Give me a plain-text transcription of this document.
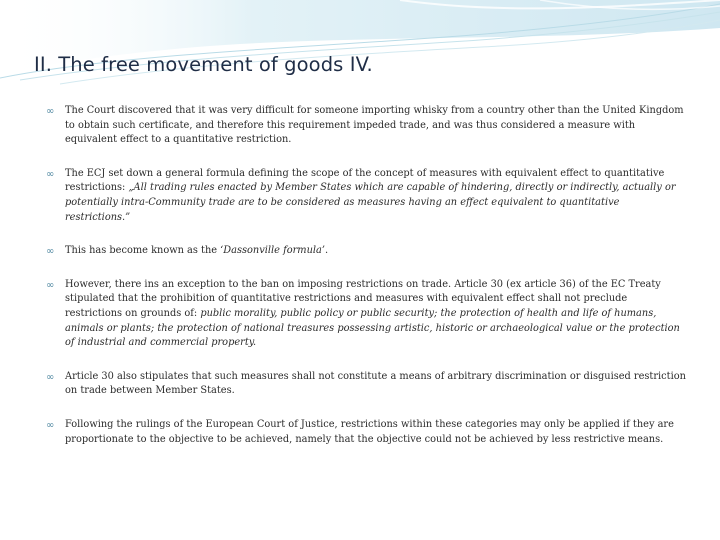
II. The free movement of goods IV.
∞ The Court discovered that it was very difficult for someone importing whisky from a country other than the United Kingdom to obtain such certificate, and therefore this requirement impeded trade, and was thus considered a measure with equivalent effect to a quantitative restriction.
∞ The ECJ set down a general formula defining the scope of the concept of measures with equivalent effect to quantitative restrictions: „All trading rules enacted by Member States which are capable of hindering, directly or indirectly, actually or potentially intra-Community trade are to be considered as measures having an effect equivalent to quantitative restrictions.”
∞ This has become known as the ‘Dassonville formula’.
∞ However, there ins an exception to the ban on imposing restrictions on trade. Article 30 (ex article 36) of the EC Treaty stipulated that the prohibition of quantitative restrictions and measures with equivalent effect shall not preclude restrictions on grounds of: public morality, public policy or public security; the protection of health and life of humans, animals or plants; the protection of national treasures possessing artistic, historic or archaeological value or the protection of industrial and commercial property.
∞ Article 30 also stipulates that such measures shall not constitute a means of arbitrary discrimination or disguised restriction on trade between Member States.
∞ Following the rulings of the European Court of Justice, restrictions within these categories may only be applied if they are proportionate to the objective to be achieved, namely that the objective could not be achieved by less restrictive means.
